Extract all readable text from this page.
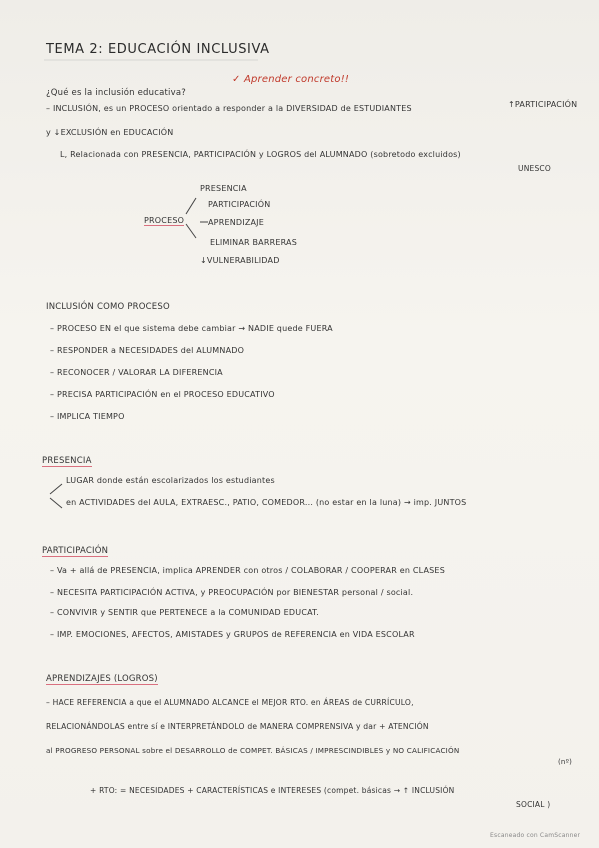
TEMA 2: EDUCACIÓN INCLUSIVA
¿Qué es la inclusión educativa?
✓ Aprender concreto!!
– INCLUSIÓN, es un PROCESO orientado a responder a la DIVERSIDAD de ESTUDIANTES	↑PARTICIPACIÓN
y ↓EXCLUSIÓN en EDUCACIÓN
L, Relacionada con PRESENCIA, PARTICIPACIÓN y LOGROS del ALUMNADO (sobretodo excluidos)
UNESCO
PROCESO
PRESENCIA
PARTICIPACIÓN
APRENDIZAJE
ELIMINAR BARRERAS
↓VULNERABILIDAD
INCLUSIÓN COMO PROCESO
– PROCESO EN el que sistema debe cambiar → NADIE quede FUERA
– RESPONDER a NECESIDADES del ALUMNADO
– RECONOCER / VALORAR LA DIFERENCIA
– PRECISA PARTICIPACIÓN en el PROCESO EDUCATIVO
– IMPLICA TIEMPO
PRESENCIA
LUGAR donde están escolarizados los estudiantes
en ACTIVIDADES del AULA, EXTRAESC., PATIO, COMEDOR... (no estar en la luna) → imp. JUNTOS
PARTICIPACIÓN
– Va + allá de PRESENCIA, implica APRENDER con otros / COLABORAR / COOPERAR en CLASES
– NECESITA PARTICIPACIÓN ACTIVA, y PREOCUPACIÓN por BIENESTAR personal / social.
– CONVIVIR y SENTIR que PERTENECE a la COMUNIDAD EDUCAT.
– IMP. EMOCIONES, AFECTOS, AMISTADES y GRUPOS de REFERENCIA en VIDA ESCOLAR
APRENDIZAJES (LOGROS)
– HACE REFERENCIA a que el ALUMNADO ALCANCE el MEJOR RTO. en ÁREAS de CURRÍCULO,
RELACIONÁNDOLAS entre sí e INTERPRETÁNDOLO de MANERA COMPRENSIVA y dar + ATENCIÓN
al PROGRESO PERSONAL sobre el DESARROLLO de COMPET. BÁSICAS / IMPRESCINDIBLES y NO CALIFICACIÓN
(nº)
+ RTO: = NECESIDADES + CARACTERÍSTICAS e INTERESES (compet. básicas → ↑ INCLUSIÓN
SOCIAL )
Escaneado con CamScanner
